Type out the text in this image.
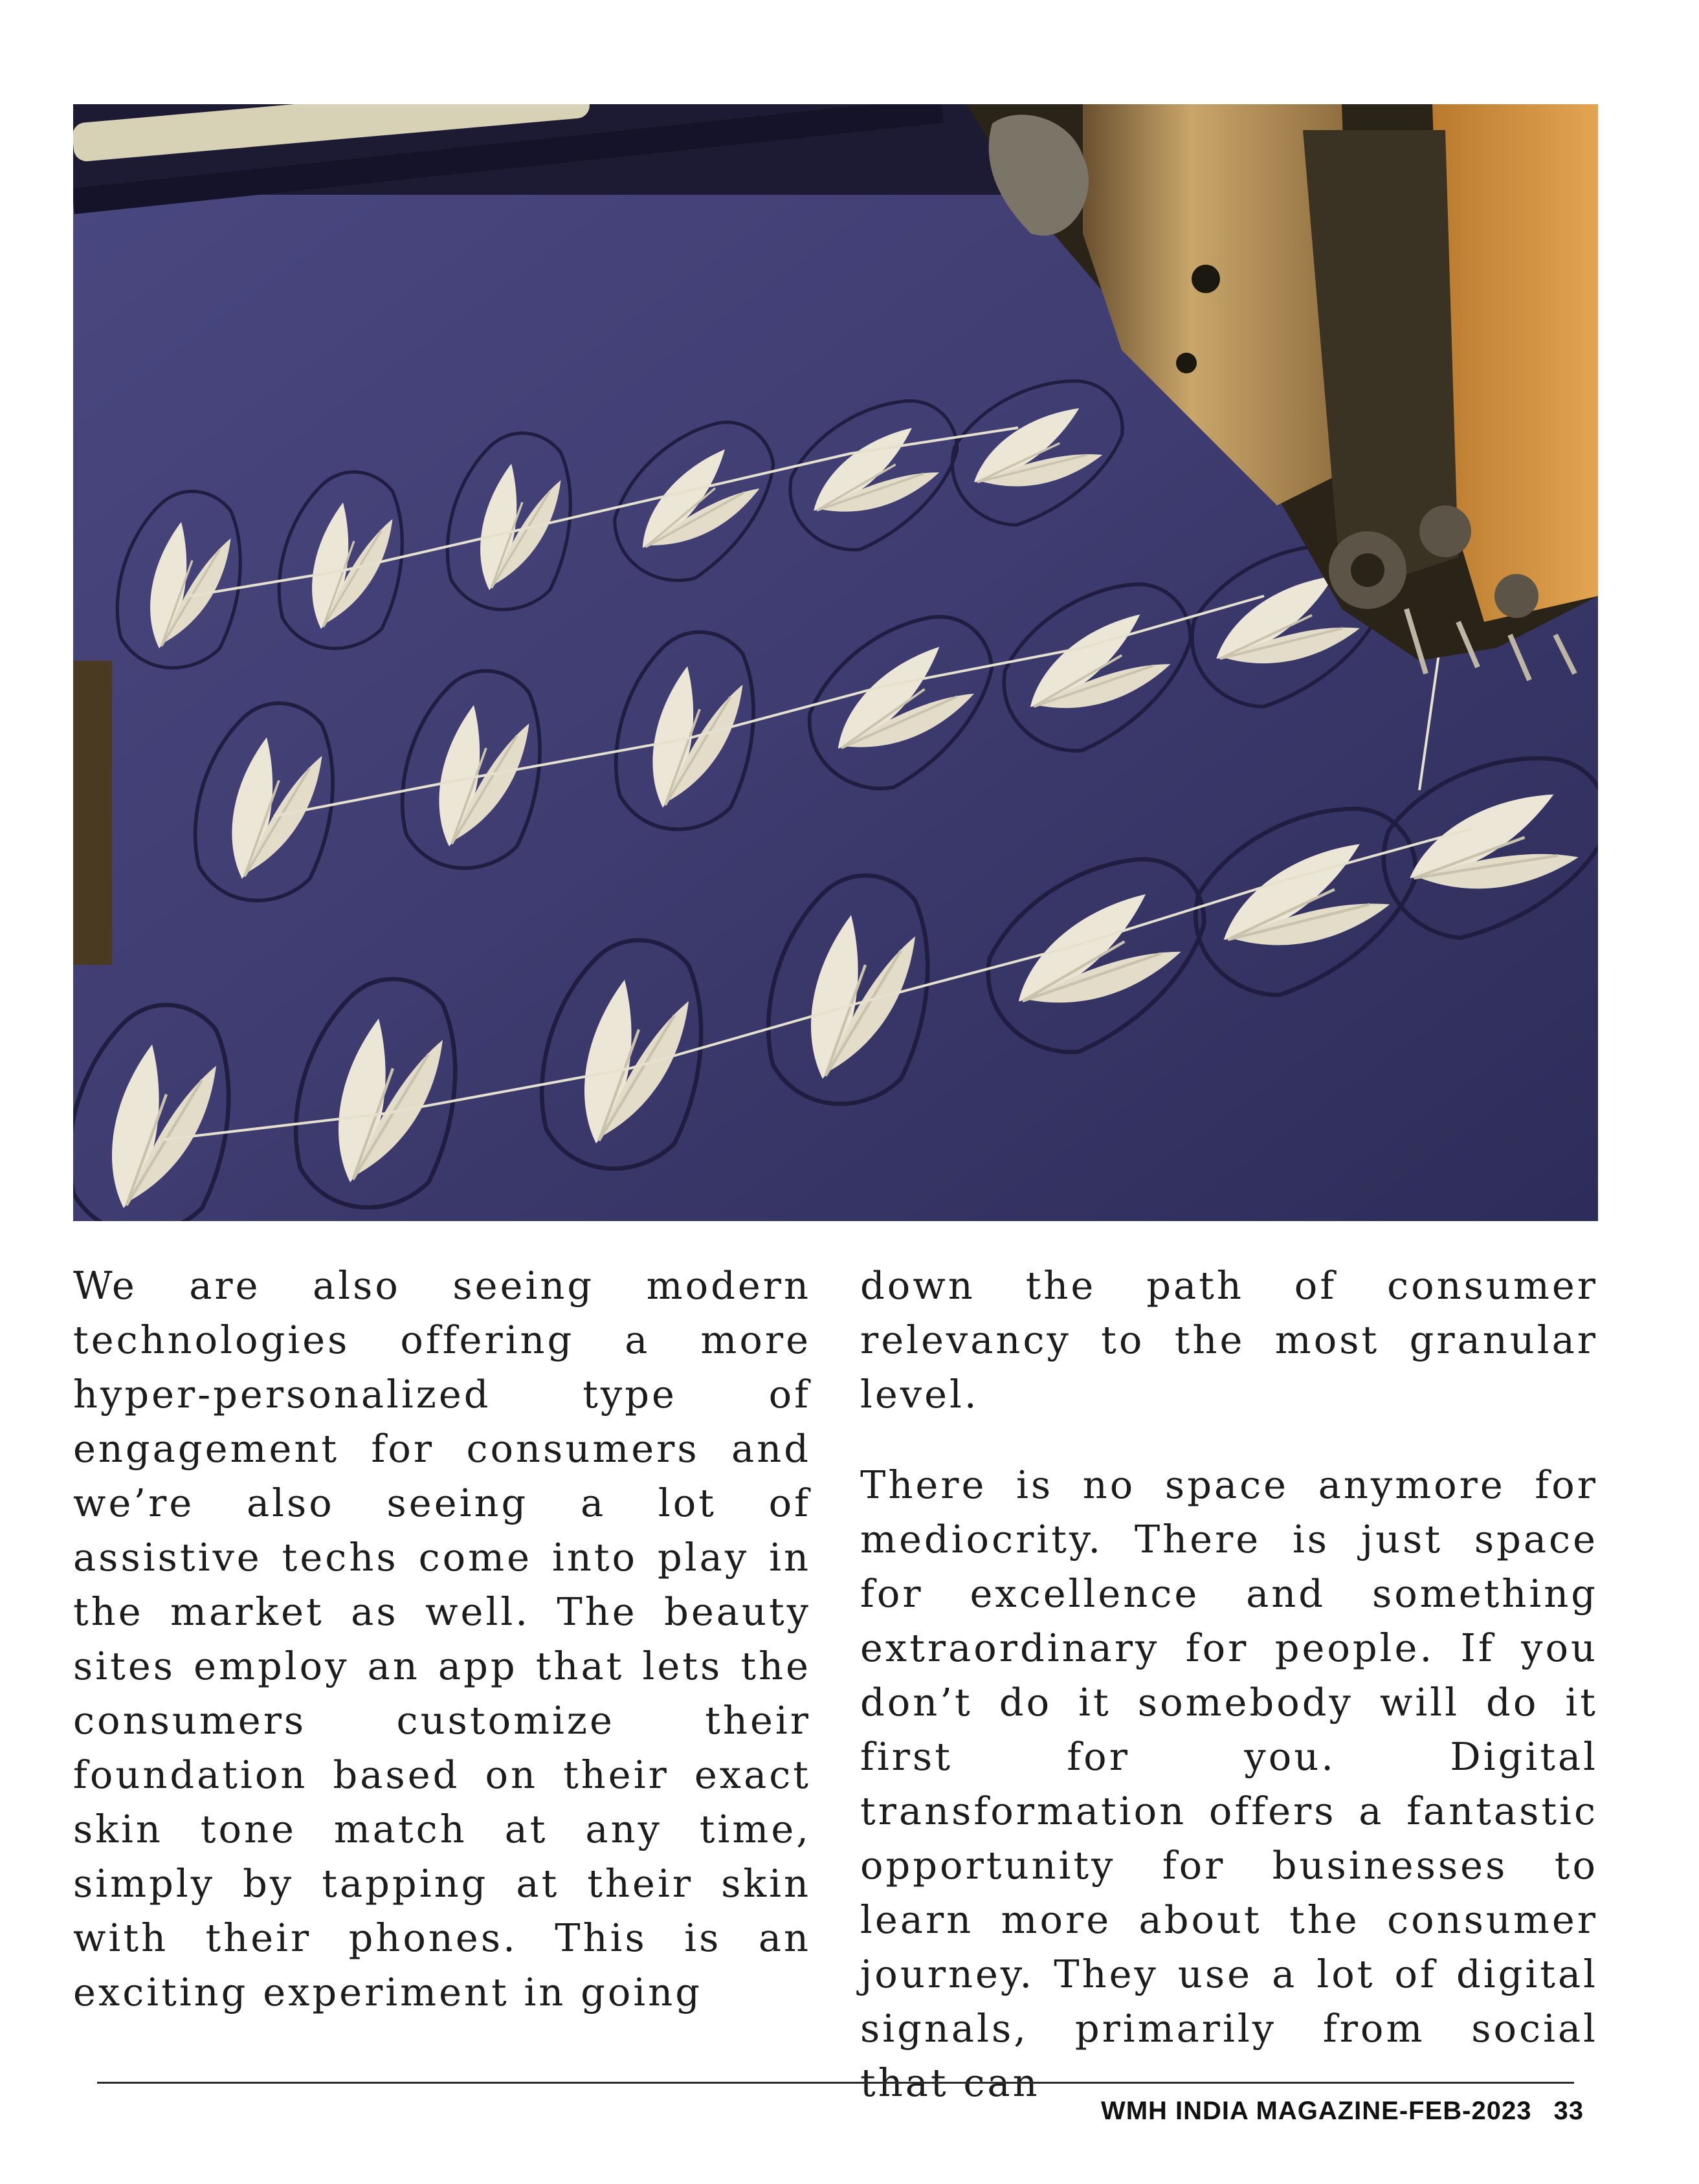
We are also seeing modern technologies offering a more hyper-personalized type of engagement for consumers and we’re also seeing a lot of assistive techs come into play in the market as well. The beauty sites employ an app that lets the consumers customize their foundation based on their exact skin tone match at any time, simply by tapping at their skin with their phones. This is an exciting experiment in going

down the path of consumer relevancy to the most granular level.

There is no space anymore for mediocrity. There is just space for excellence and something extraordinary for people. If you don’t do it somebody will do it first for you. Digital transformation offers a fantastic opportunity for businesses to learn more about the consumer journey. They use a lot of digital signals, primarily from social that can

WMH INDIA MAGAZINE-FEB-2023 33
